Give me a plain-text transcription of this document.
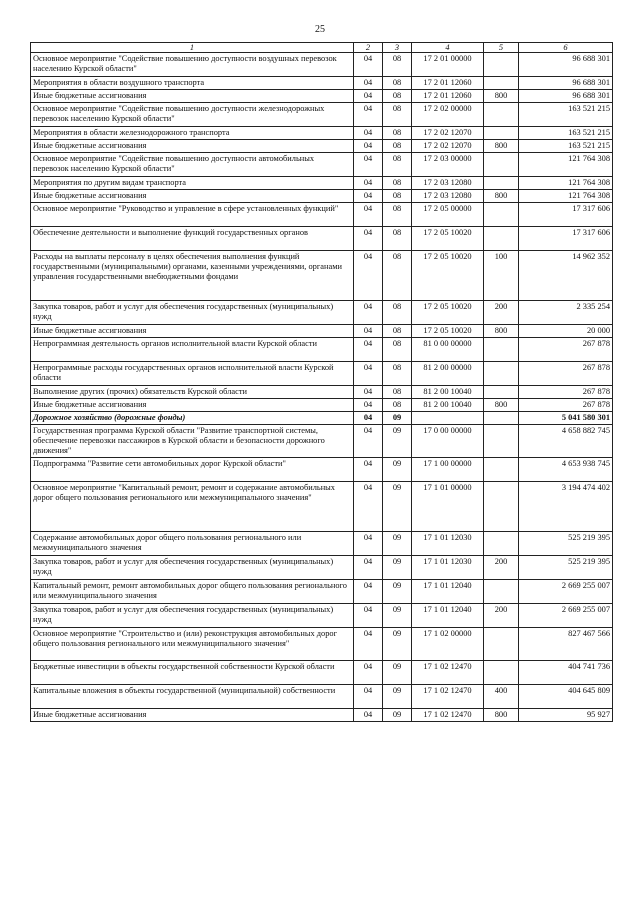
25
1	2	3	4	5	6
Основное мероприятие "Содействие повышению доступности воздушных перевозок населению Курской области"	04	08	17 2 01 00000		96 688 301
Мероприятия в области воздушного транспорта	04	08	17 2 01 12060		96 688 301
Иные бюджетные ассигнования	04	08	17 2 01 12060	800	96 688 301
Основное мероприятие "Содействие повышению доступности железнодорожных перевозок населению Курской области"	04	08	17 2 02 00000		163 521 215
Мероприятия в области железнодорожного транспорта	04	08	17 2 02 12070		163 521 215
Иные бюджетные ассигнования	04	08	17 2 02 12070	800	163 521 215
Основное мероприятие "Содействие повышению доступности автомобильных перевозок населению Курской области"	04	08	17 2 03 00000		121 764 308
Мероприятия по другим видам транспорта	04	08	17 2 03 12080		121 764 308
Иные бюджетные ассигнования	04	08	17 2 03 12080	800	121 764 308
Основное мероприятие "Руководство и управление в сфере установленных функций"	04	08	17 2 05 00000		17 317 606
Обеспечение деятельности и выполнение функций государственных органов	04	08	17 2 05 10020		17 317 606
Расходы на выплаты персоналу в целях обеспечения выполнения функций государственными (муниципальными) органами, казенными учреждениями, органами управления государственными внебюджетными фондами	04	08	17 2 05 10020	100	14 962 352
Закупка товаров, работ и услуг для обеспечения государственных (муниципальных) нужд	04	08	17 2 05 10020	200	2 335 254
Иные бюджетные ассигнования	04	08	17 2 05 10020	800	20 000
Непрограммная деятельность органов исполнительной власти Курской области	04	08	81 0 00 00000		267 878
Непрограммные расходы государственных органов исполнительной власти Курской области	04	08	81 2 00 00000		267 878
Выполнение других (прочих) обязательств Курской области	04	08	81 2 00 10040		267 878
Иные бюджетные ассигнования	04	08	81 2 00 10040	800	267 878
Дорожное хозяйство (дорожные фонды)	04	09			5 041 580 301
Государственная программа Курской области "Развитие транспортной системы, обеспечение перевозки пассажиров в Курской области и безопасности дорожного движения"	04	09	17 0 00 00000		4 658 882 745
Подпрограмма "Развитие сети автомобильных дорог Курской области"	04	09	17 1 00 00000		4 653 938 745
Основное мероприятие "Капитальный ремонт, ремонт и содержание автомобильных дорог общего пользования регионального или межмуниципального значения"	04	09	17 1 01 00000		3 194 474 402
Содержание автомобильных дорог общего пользования регионального или межмуниципального значения	04	09	17 1 01 12030		525 219 395
Закупка товаров, работ и услуг для обеспечения государственных (муниципальных) нужд	04	09	17 1 01 12030	200	525 219 395
Капитальный ремонт, ремонт автомобильных дорог общего пользования регионального или межмуниципального значения	04	09	17 1 01 12040		2 669 255 007
Закупка товаров, работ и услуг для обеспечения государственных (муниципальных) нужд	04	09	17 1 01 12040	200	2 669 255 007
Основное мероприятие "Строительство и (или) реконструкция автомобильных дорог общего пользования регионального или межмуниципального значения"	04	09	17 1 02 00000		827 467 566
Бюджетные инвестиции в объекты государственной собственности Курской области	04	09	17 1 02 12470		404 741 736
Капитальные вложения в объекты государственной (муниципальной) собственности	04	09	17 1 02 12470	400	404 645 809
Иные бюджетные ассигнования	04	09	17 1 02 12470	800	95 927
